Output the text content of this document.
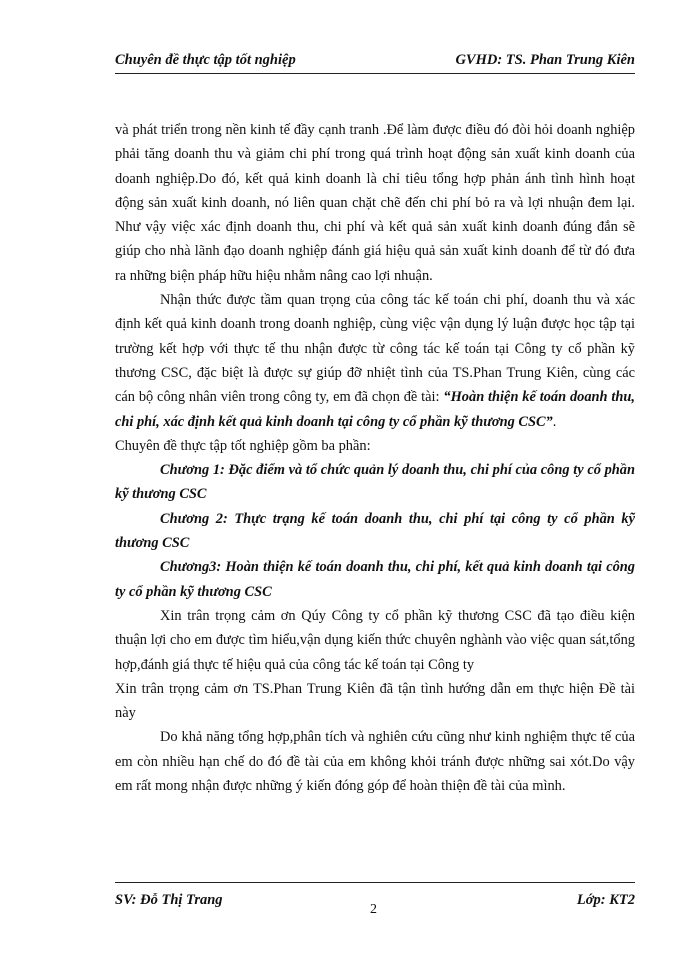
Chuyên đề thực tập tốt nghiệp	GVHD: TS. Phan Trung Kiên

và phát triển trong nền kinh tế đầy cạnh tranh .Để làm được điều đó đòi hỏi doanh nghiệp phải tăng doanh thu và giảm chi phí trong quá trình hoạt động sản xuất kinh doanh của doanh nghiệp.Do đó, kết quả kinh doanh là chỉ tiêu tổng hợp phản ánh tình hình hoạt động sản xuất kinh doanh, nó liên quan chặt chẽ đến chi phí bỏ ra và lợi nhuận đem lại. Như vậy việc xác định doanh thu, chi phí và kết quả sản xuất kinh doanh đúng đắn sẽ giúp cho nhà lãnh đạo doanh nghiệp đánh giá hiệu quả sản xuất kinh doanh để từ đó đưa ra những biện pháp hữu hiệu nhằm nâng cao lợi nhuận.

Nhận thức được tầm quan trọng của công tác kế toán chi phí, doanh thu và xác định kết quả kinh doanh trong doanh nghiệp, cùng việc vận dụng lý luận được học tập tại trường kết hợp với thực tế thu nhận được từ công tác kế toán tại Công ty cổ phần kỹ thương CSC, đặc biệt là được sự giúp đỡ nhiệt tình của TS.Phan Trung Kiên, cùng các cán bộ công nhân viên trong công ty, em đã chọn đề tài: “Hoàn thiện kế toán doanh thu, chi phí, xác định kết quả kinh doanh tại công ty cổ phần kỹ thương CSC”.

Chuyên đề thực tập tốt nghiệp gồm ba phần:

Chương 1: Đặc điểm và tổ chức quản lý doanh thu, chi phí của công ty cổ phần kỹ thương CSC

Chương 2: Thực trạng kế toán doanh thu, chi phí tại công ty cổ phần kỹ thương CSC

Chương3: Hoàn thiện kế toán doanh thu, chi phí, kết quả kinh doanh tại công ty cổ phần kỹ thương CSC

Xin trân trọng cảm ơn Qúy Công ty cổ phần kỹ thương CSC đã tạo điều kiện thuận lợi cho em được tìm hiểu,vận dụng kiến thức chuyên nghành vào việc quan sát,tổng hợp,đánh giá thực tế hiệu quả của công tác kế toán tại Công ty

Xin trân trọng cảm ơn TS.Phan Trung Kiên đã tận tình hướng dẫn em thực hiện Đề tài này

Do khả năng tổng hợp,phân tích và nghiên cứu cũng như kinh nghiệm thực tế của em còn nhiều hạn chế do đó đề tài của em không khỏi tránh được những sai xót.Do vậy em rất mong nhận được những ý kiến đóng góp để hoàn thiện đề tài của mình.

SV: Đỗ Thị Trang
2
Lớp: KT2
